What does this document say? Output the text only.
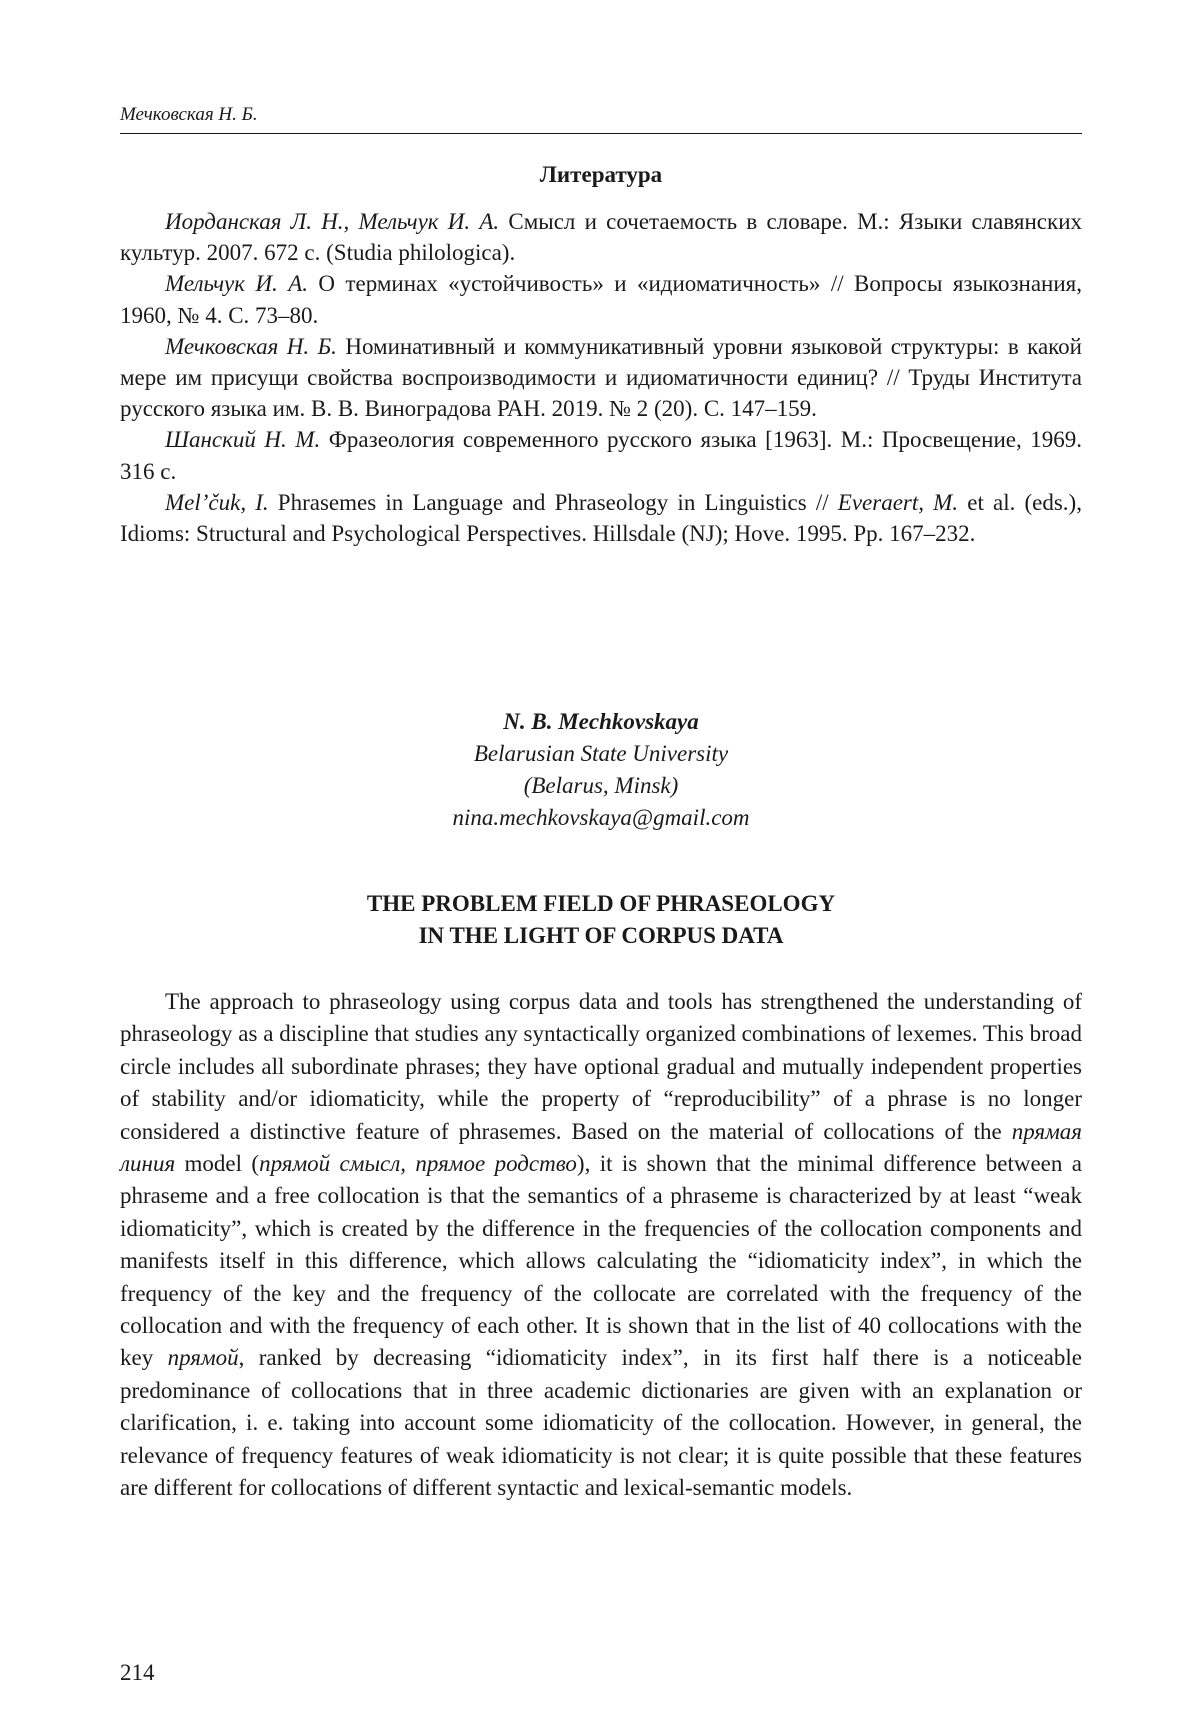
Мечковская Н. Б.
Литература

Иорданская Л. Н., Мельчук И. А. Смысл и сочетаемость в словаре. М.: Языки славянских культур. 2007. 672 с. (Studia philologica).

Мельчук И. А. О терминах «устойчивость» и «идиоматичность» // Вопросы языкознания, 1960, № 4. С. 73–80.

Мечковская Н. Б. Номинативный и коммуникативный уровни языковой структуры: в какой мере им присущи свойства воспроизводимости и идиоматичности единиц? // Труды Института русского языка им. В. В. Виноградова РАН. 2019. № 2 (20). С. 147–159.

Шанский Н. М. Фразеология современного русского языка [1963]. М.: Просвещение, 1969. 316 с.

Mel’čuk, I. Phrasemes in Language and Phraseology in Linguistics // Everaert, M. et al. (eds.), Idioms: Structural and Psychological Perspectives. Hillsdale (NJ); Hove. 1995. Pp. 167–232.

N. B. Mechkovskaya
Belarusian State University
(Belarus, Minsk)
nina.mechkovskaya@gmail.com
THE PROBLEM FIELD OF PHRASEOLOGY
IN THE LIGHT OF CORPUS DATA

The approach to phraseology using corpus data and tools has strengthened the understanding of phraseology as a discipline that studies any syntactically organized combinations of lexemes. This broad circle includes all subordinate phrases; they have optional gradual and mutually independent properties of stability and/or idiomaticity, while the property of “reproducibility” of a phrase is no longer considered a distinctive feature of phrasemes. Based on the material of collocations of the прямая линия model (прямой смысл, прямое родство), it is shown that the minimal difference between a phraseme and a free collocation is that the semantics of a phraseme is characterized by at least “weak idiomaticity”, which is created by the difference in the frequencies of the collocation components and manifests itself in this difference, which allows calculating the “idiomaticity index”, in which the frequency of the key and the frequency of the collocate are correlated with the frequency of the collocation and with the frequency of each other. It is shown that in the list of 40 collocations with the key прямой, ranked by decreasing “idiomaticity index”, in its first half there is a noticeable predominance of collocations that in three academic dictionaries are given with an explanation or clarification, i. e. taking into account some idiomaticity of the collocation. However, in general, the relevance of frequency features of weak idiomaticity is not clear; it is quite possible that these features are different for collocations of different syntactic and lexical-semantic models.

214
